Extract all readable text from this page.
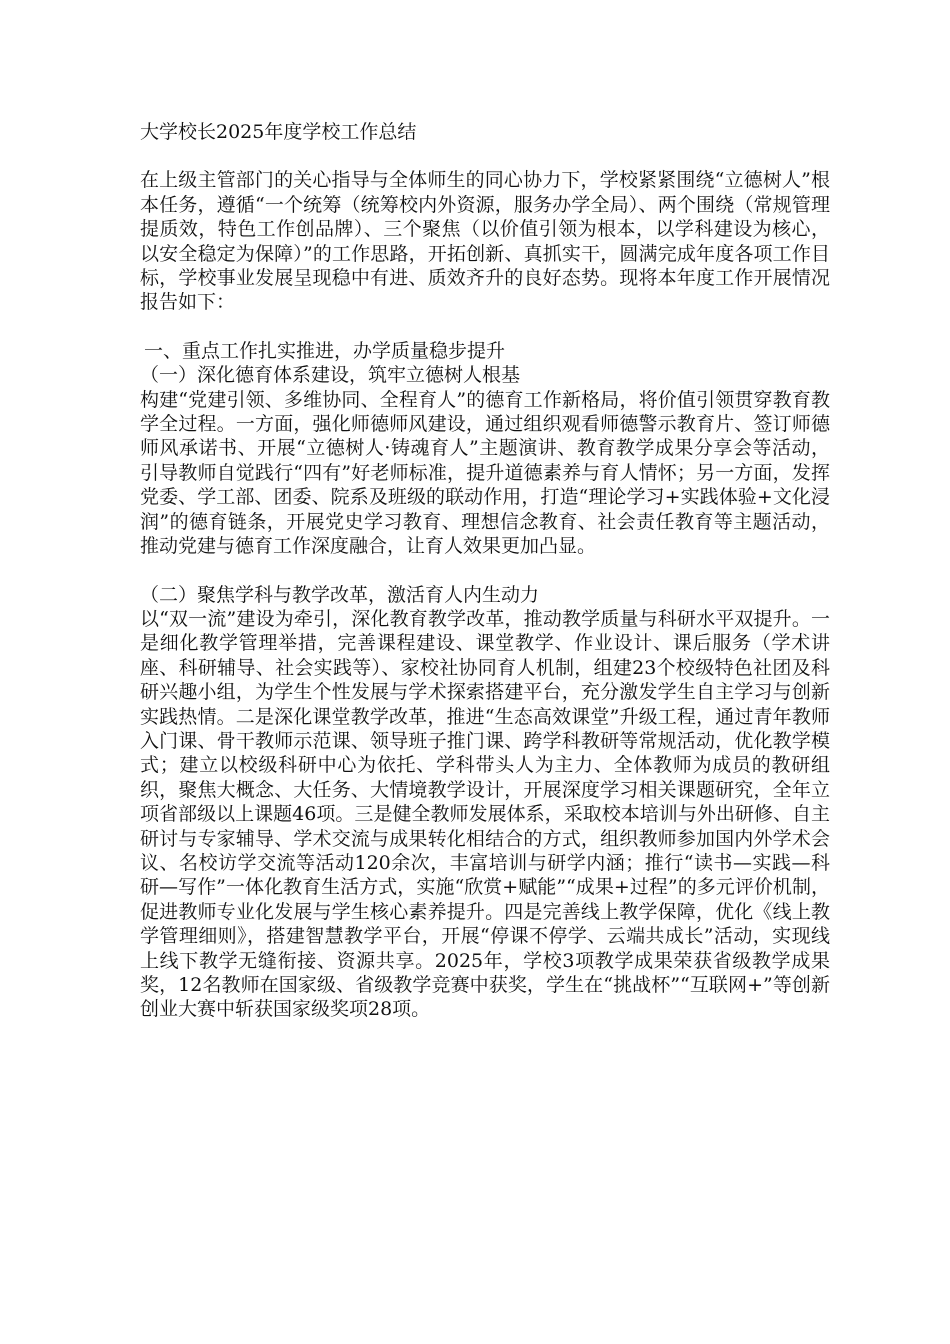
大学校长2025年度学校工作总结

在上级主管部门的关心指导与全体师生的同心协力下，学校紧紧围绕“立德树人”根本任务，遵循“一个统筹（统筹校内外资源，服务办学全局）、两个围绕（常规管理提质效，特色工作创品牌）、三个聚焦（以价值引领为根本，以学科建设为核心，以安全稳定为保障）”的工作思路，开拓创新、真抓实干，圆满完成年度各项工作目标，学校事业发展呈现稳中有进、质效齐升的良好态势。现将本年度工作开展情况报告如下：

一、重点工作扎实推进，办学质量稳步提升

（一）深化德育体系建设，筑牢立德树人根基

构建“党建引领、多维协同、全程育人”的德育工作新格局，将价值引领贯穿教育教学全过程。一方面，强化师德师风建设，通过组织观看师德警示教育片、签订师德师风承诺书、开展“立德树人·铸魂育人”主题演讲、教育教学成果分享会等活动，引导教师自觉践行“四有”好老师标准，提升道德素养与育人情怀；另一方面，发挥党委、学工部、团委、院系及班级的联动作用，打造“理论学习+实践体验+文化浸润”的德育链条，开展党史学习教育、理想信念教育、社会责任教育等主题活动，推动党建与德育工作深度融合，让育人效果更加凸显。

（二）聚焦学科与教学改革，激活育人内生动力

以“双一流”建设为牵引，深化教育教学改革，推动教学质量与科研水平双提升。一是细化教学管理举措，完善课程建设、课堂教学、作业设计、课后服务（学术讲座、科研辅导、社会实践等）、家校社协同育人机制，组建23个校级特色社团及科研兴趣小组，为学生个性发展与学术探索搭建平台，充分激发学生自主学习与创新实践热情。二是深化课堂教学改革，推进“生态高效课堂”升级工程，通过青年教师入门课、骨干教师示范课、领导班子推门课、跨学科教研等常规活动，优化教学模式；建立以校级科研中心为依托、学科带头人为主力、全体教师为成员的教研组织，聚焦大概念、大任务、大情境教学设计，开展深度学习相关课题研究，全年立项省部级以上课题46项。三是健全教师发展体系，采取校本培训与外出研修、自主研讨与专家辅导、学术交流与成果转化相结合的方式，组织教师参加国内外学术会议、名校访学交流等活动120余次，丰富培训与研学内涵；推行“读书—实践—科研—写作”一体化教育生活方式，实施“欣赏+赋能”“成果+过程”的多元评价机制，促进教师专业化发展与学生核心素养提升。四是完善线上教学保障，优化《线上教学管理细则》，搭建智慧教学平台，开展“停课不停学、云端共成长”活动，实现线上线下教学无缝衔接、资源共享。2025年，学校3项教学成果荣获省级教学成果奖，12名教师在国家级、省级教学竞赛中获奖，学生在“挑战杯”“互联网+”等创新创业大赛中斩获国家级奖项28项。
